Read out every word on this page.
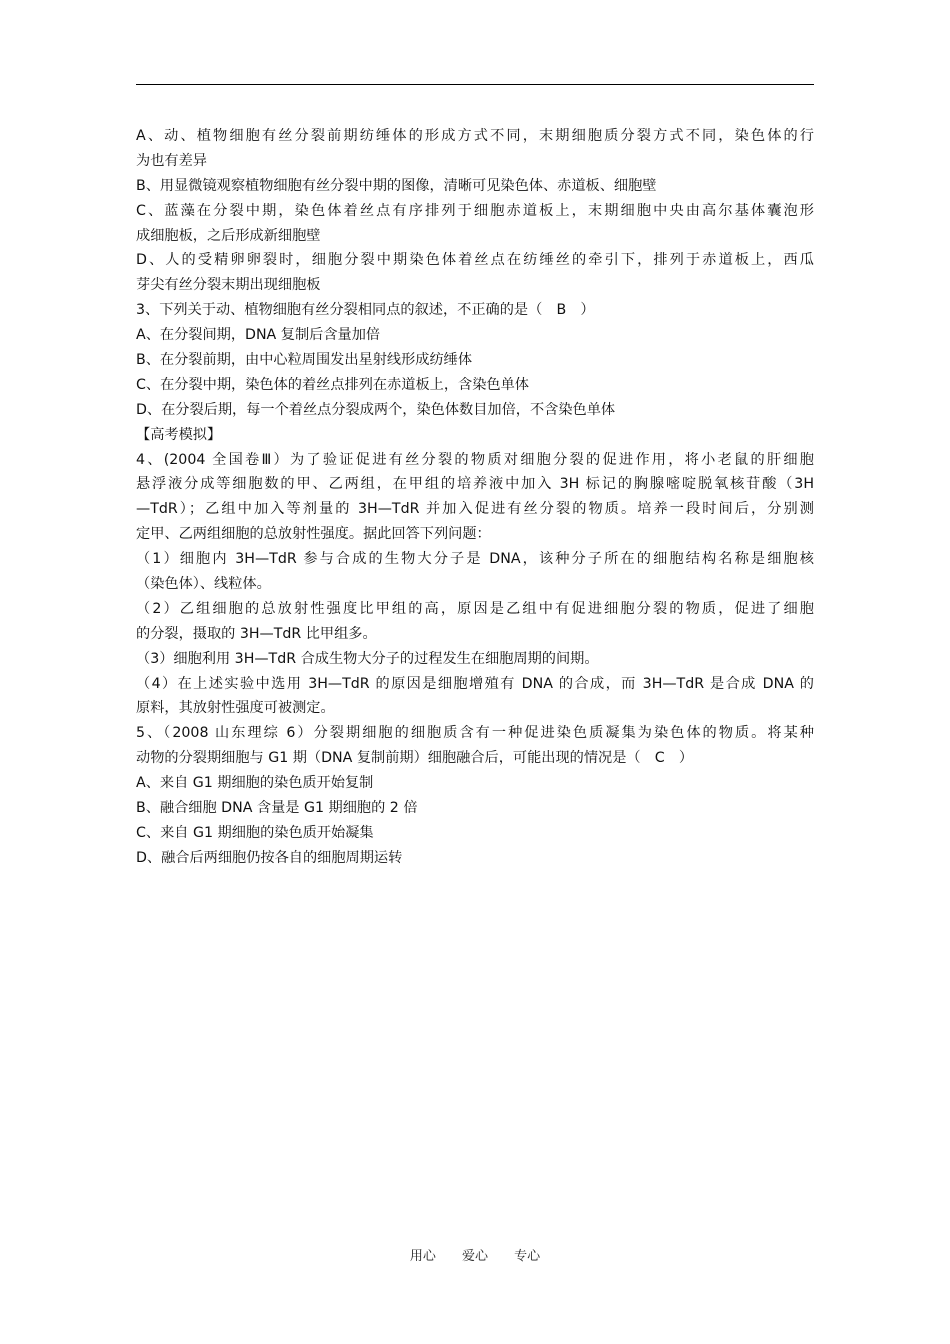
A、动、植物细胞有丝分裂前期纺缍体的形成方式不同，末期细胞质分裂方式不同，染色体的行
为也有差异
B、用显微镜观察植物细胞有丝分裂中期的图像，清晰可见染色体、赤道板、细胞壁
C、蓝藻在分裂中期，染色体着丝点有序排列于细胞赤道板上，末期细胞中央由高尔基体囊泡形
成细胞板，之后形成新细胞壁
D、人的受精卵卵裂时，细胞分裂中期染色体着丝点在纺缍丝的牵引下，排列于赤道板上，西瓜
芽尖有丝分裂末期出现细胞板
3、下列关于动、植物细胞有丝分裂相同点的叙述，不正确的是（　B　）
A、在分裂间期，DNA 复制后含量加倍
B、在分裂前期，由中心粒周围发出星射线形成纺缍体
C、在分裂中期，染色体的着丝点排列在赤道板上，含染色单体
D、在分裂后期，每一个着丝点分裂成两个，染色体数目加倍，不含染色单体
【高考模拟】
4、(2004 全国卷Ⅲ）为了验证促进有丝分裂的物质对细胞分裂的促进作用，将小老鼠的肝细胞
悬浮液分成等细胞数的甲、乙两组，在甲组的培养液中加入 3H 标记的胸腺嘧啶脱氧核苷酸（3H
—TdR）；乙组中加入等剂量的 3H—TdR 并加入促进有丝分裂的物质。培养一段时间后，分别测
定甲、乙两组细胞的总放射性强度。据此回答下列问题：
（1）细胞内 3H—TdR 参与合成的生物大分子是 DNA，该种分子所在的细胞结构名称是细胞核
（染色体）、线粒体。
（2）乙组细胞的总放射性强度比甲组的高，原因是乙组中有促进细胞分裂的物质，促进了细胞
的分裂，摄取的 3H—TdR 比甲组多。
（3）细胞利用 3H—TdR 合成生物大分子的过程发生在细胞周期的间期。
（4）在上述实验中选用 3H—TdR 的原因是细胞增殖有 DNA 的合成，而 3H—TdR 是合成 DNA 的
原料，其放射性强度可被测定。
5、（2008 山东理综 6）分裂期细胞的细胞质含有一种促进染色质凝集为染色体的物质。将某种
动物的分裂期细胞与 G1 期（DNA 复制前期）细胞融合后，可能出现的情况是（　C　）
A、来自 G1 期细胞的染色质开始复制
B、融合细胞 DNA 含量是 G1 期细胞的 2 倍
C、来自 G1 期细胞的染色质开始凝集
D、融合后两细胞仍按各自的细胞周期运转
用心 爱心 专心
